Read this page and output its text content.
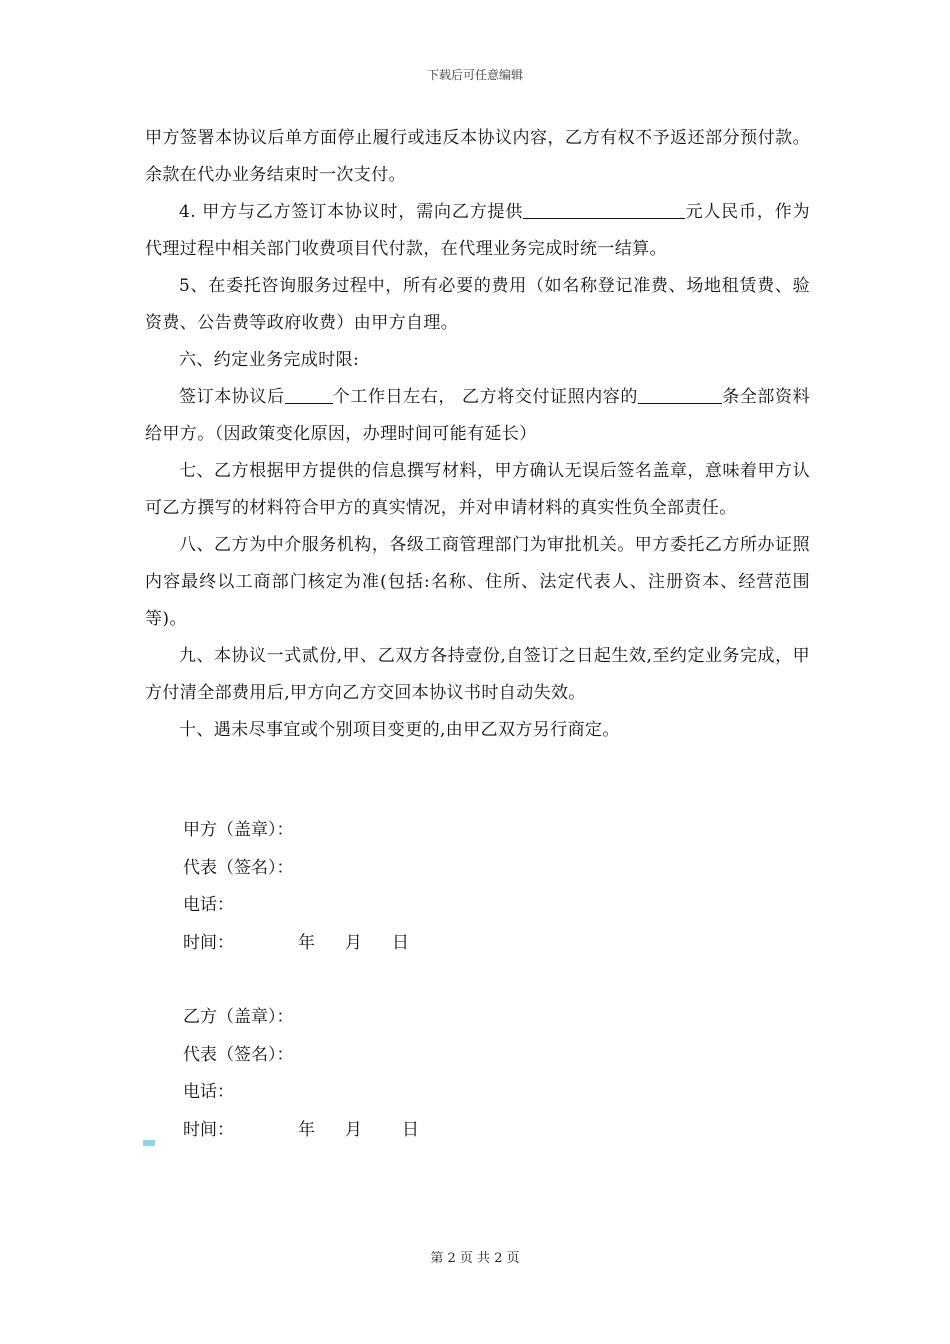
下载后可任意编辑

甲方签署本协议后单方面停止履行或违反本协议内容，乙方有权不予返还部分预付款。余款在代办业务结束时一次支付。

4. 甲方与乙方签订本协议时，需向乙方提供	元人民币，作为代理过程中相关部门收费项目代付款，在代理业务完成时统一结算。

5、在委托咨询服务过程中，所有必要的费用（如名称登记准费、场地租赁费、验资费、公告费等政府收费）由甲方自理。

六、约定业务完成时限:

签订本协议后	个工作日左右， 乙方将交付证照内容的	条全部资料给甲方。（因政策变化原因，办理时间可能有延长）

七、乙方根据甲方提供的信息撰写材料，甲方确认无误后签名盖章，意味着甲方认可乙方撰写的材料符合甲方的真实情况，并对申请材料的真实性负全部责任。

八、乙方为中介服务机构，各级工商管理部门为审批机关。甲方委托乙方所办证照内容最终以工商部门核定为准(包括:名称、住所、法定代表人、注册资本、经营范围等)。

九、本协议一式贰份,甲、乙双方各持壹份,自签订之日起生效,至约定业务完成，甲方付清全部费用后,甲方向乙方交回本协议书时自动失效。

十、遇未尽事宜或个别项目变更的,由甲乙双方另行商定。

甲方（盖章）：
代表（签名）：
电话：
时间：	年 月 日
乙方（盖章）：
代表（签名）：
电话：
时间：	年 月 日
第 2 页 共 2 页
